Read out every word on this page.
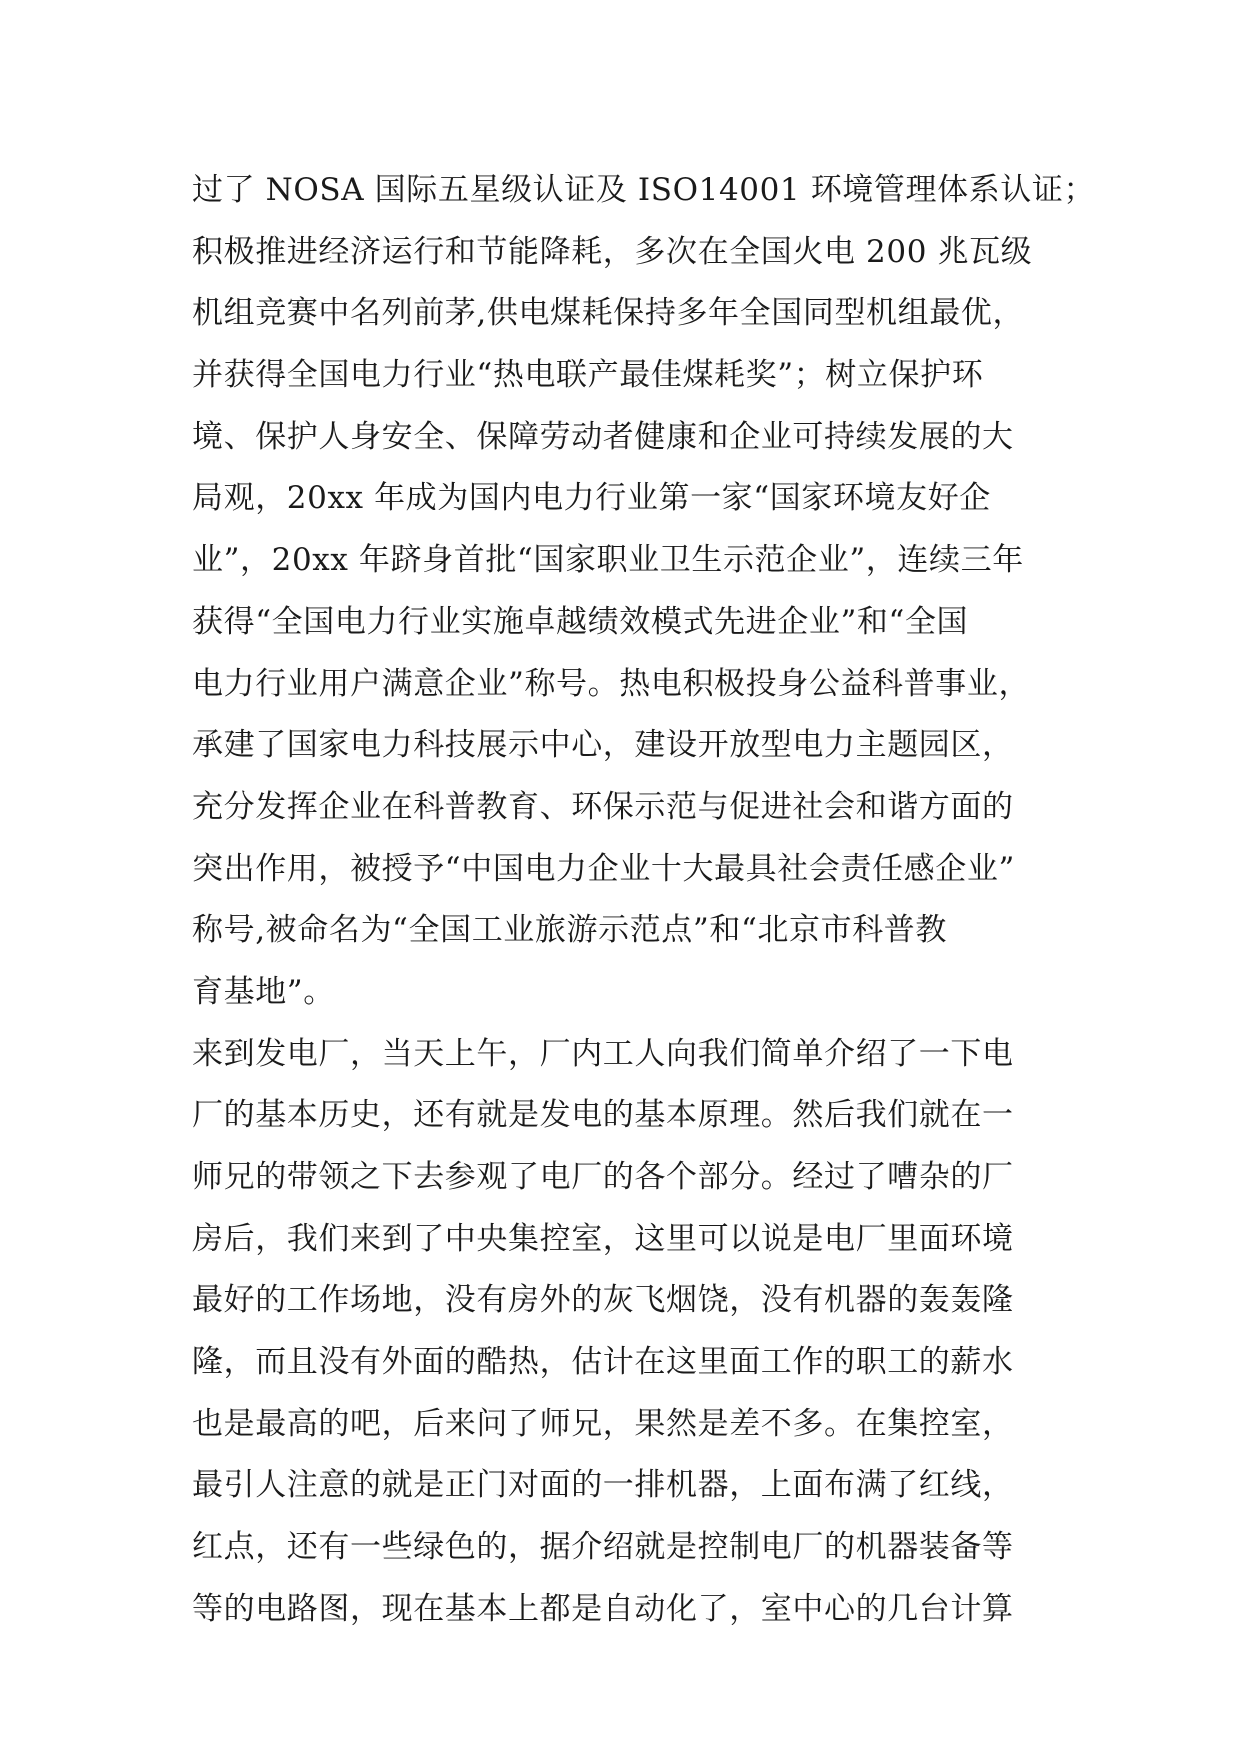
过了 NOSA 国际五星级认证及 ISO14001 环境管理体系认证；
积极推进经济运行和节能降耗，多次在全国火电 200 兆瓦级
机组竞赛中名列前茅,供电煤耗保持多年全国同型机组最优，
并获得全国电力行业“热电联产最佳煤耗奖”；树立保护环
境、保护人身安全、保障劳动者健康和企业可持续发展的大
局观，20xx 年成为国内电力行业第一家“国家环境友好企
业”，20xx 年跻身首批“国家职业卫生示范企业”，连续三年
获得“全国电力行业实施卓越绩效模式先进企业”和“全国
电力行业用户满意企业”称号。热电积极投身公益科普事业，
承建了国家电力科技展示中心，建设开放型电力主题园区，
充分发挥企业在科普教育、环保示范与促进社会和谐方面的
突出作用，被授予“中国电力企业十大最具社会责任感企业”
称号,被命名为“全国工业旅游示范点”和“北京市科普教
育基地”。
来到发电厂，当天上午，厂内工人向我们简单介绍了一下电
厂的基本历史，还有就是发电的基本原理。然后我们就在一
师兄的带领之下去参观了电厂的各个部分。经过了嘈杂的厂
房后，我们来到了中央集控室，这里可以说是电厂里面环境
最好的工作场地，没有房外的灰飞烟饶，没有机器的轰轰隆
隆，而且没有外面的酷热，估计在这里面工作的职工的薪水
也是最高的吧，后来问了师兄，果然是差不多。在集控室，
最引人注意的就是正门对面的一排机器，上面布满了红线，
红点，还有一些绿色的，据介绍就是控制电厂的机器装备等
等的电路图，现在基本上都是自动化了，室中心的几台计算
